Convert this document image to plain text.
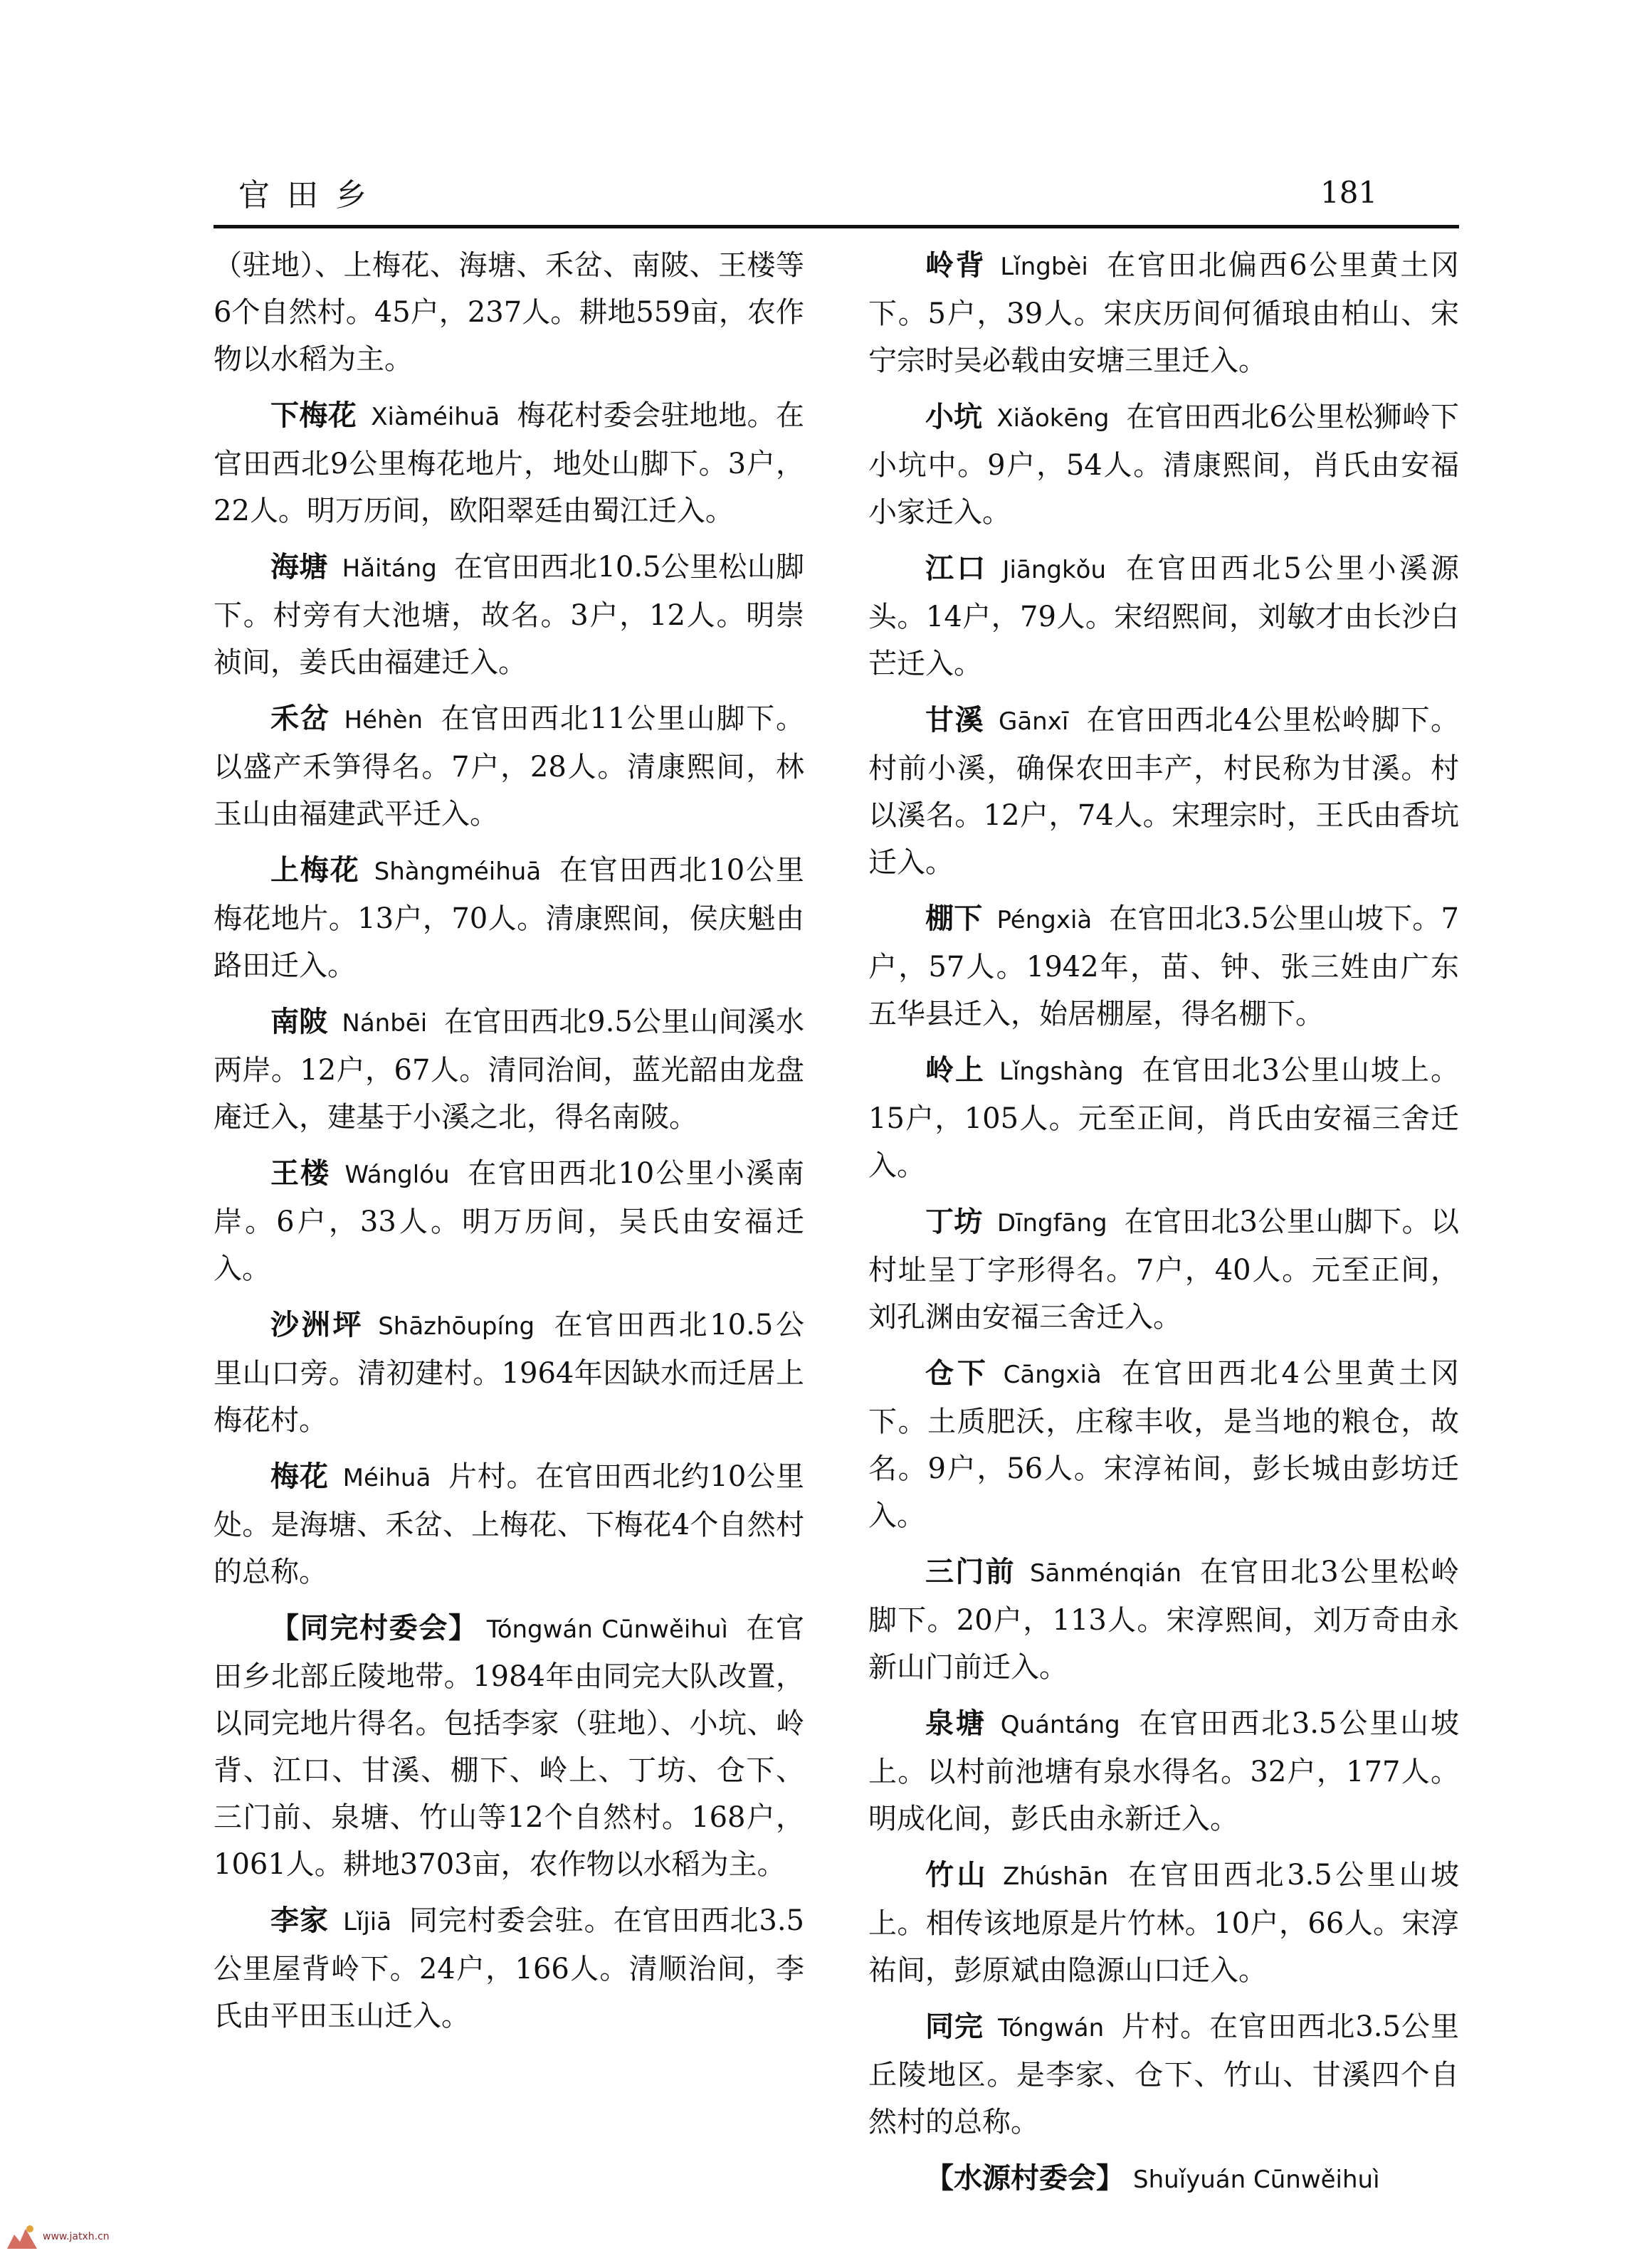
官田乡	181

（驻地）、上梅花、海塘、禾岔、南陂、王楼等6个自然村。45户，237人。耕地559亩，农作物以水稻为主。

下梅花 Xiàméihuā 梅花村委会驻地地。在官田西北9公里梅花地片，地处山脚下。3户，22人。明万历间，欧阳翠廷由蜀江迁入。

海塘 Hǎitáng 在官田西北10.5公里松山脚下。村旁有大池塘，故名。3户，12人。明崇祯间，姜氏由福建迁入。

禾岔 Héhèn 在官田西北11公里山脚下。以盛产禾笋得名。7户，28人。清康熙间，林玉山由福建武平迁入。

上梅花 Shàngméihuā 在官田西北10公里梅花地片。13户，70人。清康熙间，侯庆魁由路田迁入。

南陂 Nánbēi 在官田西北9.5公里山间溪水两岸。12户，67人。清同治间，蓝光韶由龙盘庵迁入，建基于小溪之北，得名南陂。

王楼 Wánglóu 在官田西北10公里小溪南岸。6户，33人。明万历间，吴氏由安福迁入。

沙洲坪 Shāzhōupíng 在官田西北10.5公里山口旁。清初建村。1964年因缺水而迁居上梅花村。

梅花 Méihuā 片村。在官田西北约10公里处。是海塘、禾岔、上梅花、下梅花4个自然村的总称。

【同完村委会】 Tóngwán Cūnwěihuì 在官田乡北部丘陵地带。1984年由同完大队改置，以同完地片得名。包括李家（驻地）、小坑、岭背、江口、甘溪、棚下、岭上、丁坊、仓下、三门前、泉塘、竹山等12个自然村。168户，1061人。耕地3703亩，农作物以水稻为主。

李家 Lǐjiā 同完村委会驻。在官田西北3.5公里屋背岭下。24户，166人。清顺治间，李氏由平田玉山迁入。

岭背 Lǐngbèi 在官田北偏西6公里黄土冈下。5户，39人。宋庆历间何循琅由柏山、宋宁宗时吴必载由安塘三里迁入。

小坑 Xiǎokēng 在官田西北6公里松狮岭下小坑中。9户，54人。清康熙间，肖氏由安福小家迁入。

江口 Jiāngkǒu 在官田西北5公里小溪源头。14户，79人。宋绍熙间，刘敏才由长沙白芒迁入。

甘溪 Gānxī 在官田西北4公里松岭脚下。村前小溪，确保农田丰产，村民称为甘溪。村以溪名。12户，74人。宋理宗时，王氏由香坑迁入。

棚下 Péngxià 在官田北3.5公里山坡下。7户，57人。1942年，苗、钟、张三姓由广东五华县迁入，始居棚屋，得名棚下。

岭上 Lǐngshàng 在官田北3公里山坡上。15户，105人。元至正间，肖氏由安福三舍迁入。

丁坊 Dīngfāng 在官田北3公里山脚下。以村址呈丁字形得名。7户，40人。元至正间，刘孔渊由安福三舍迁入。

仓下 Cāngxià 在官田西北4公里黄土冈下。土质肥沃，庄稼丰收，是当地的粮仓，故名。9户，56人。宋淳祐间，彭长城由彭坊迁入。

三门前 Sānménqián 在官田北3公里松岭脚下。20户，113人。宋淳熙间，刘万奇由永新山门前迁入。

泉塘 Quántáng 在官田西北3.5公里山坡上。以村前池塘有泉水得名。32户，177人。明成化间，彭氏由永新迁入。

竹山 Zhúshān 在官田西北3.5公里山坡上。相传该地原是片竹林。10户，66人。宋淳祐间，彭原斌由隐源山口迁入。

同完 Tóngwán 片村。在官田西北3.5公里丘陵地区。是李家、仓下、竹山、甘溪四个自然村的总称。

【水源村委会】 Shuǐyuán Cūnwěihuì

www.jatxh.cn
